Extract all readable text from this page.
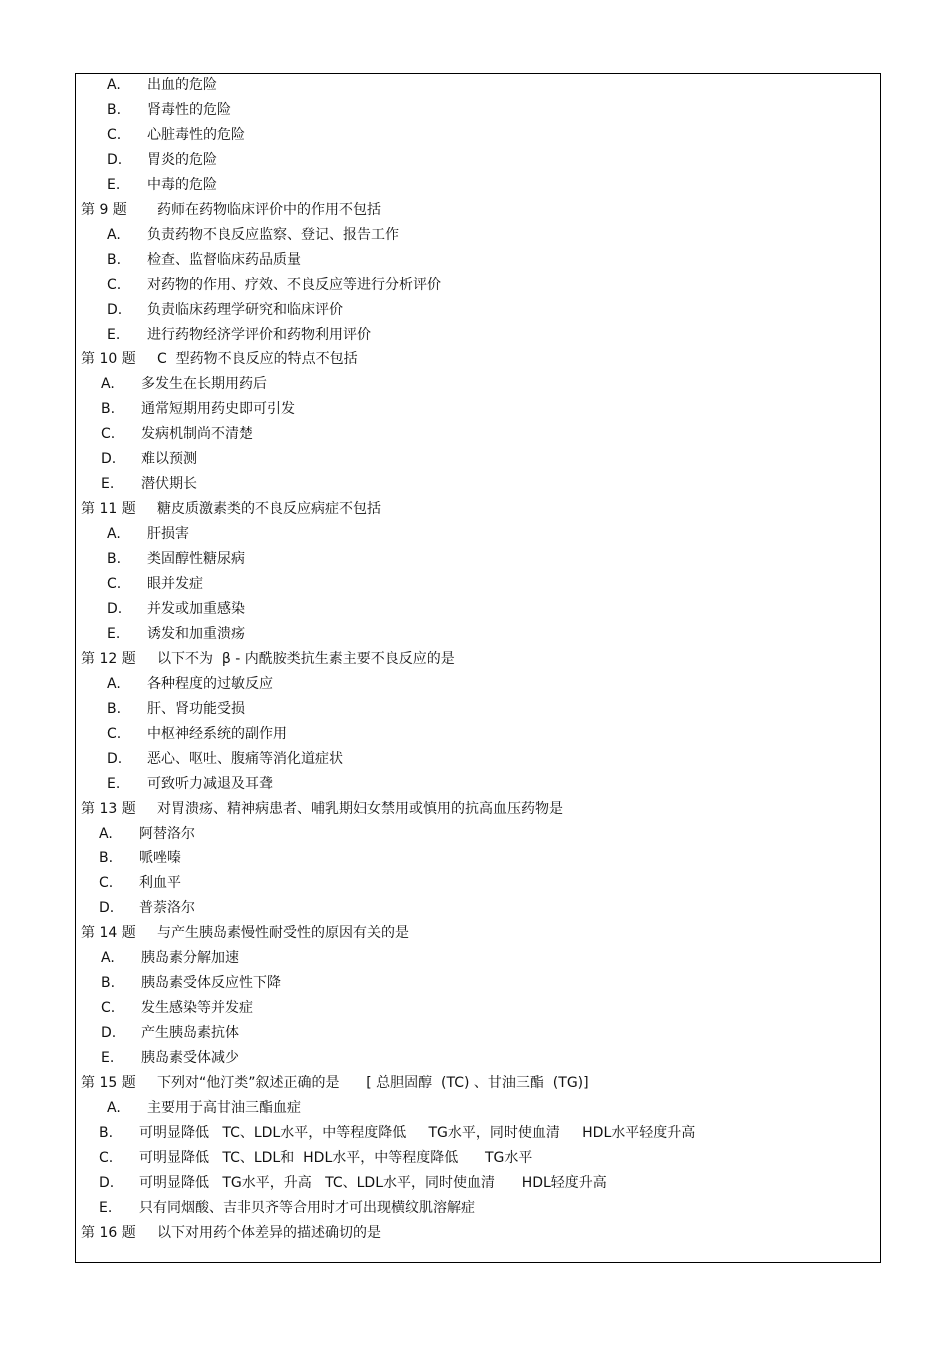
A. 出血的危险
B. 肾毒性的危险
C. 心脏毒性的危险
D. 胃炎的危险
E. 中毒的危险
第 9 题 药师在药物临床评价中的作用不包括
A. 负责药物不良反应监察、登记、报告工作
B. 检查、监督临床药品质量
C. 对药物的作用、疗效、不良反应等进行分析评价
D. 负责临床药理学研究和临床评价
E. 进行药物经济学评价和药物利用评价
第 10 题 C  型药物不良反应的特点不包括
A. 多发生在长期用药后
B. 通常短期用药史即可引发
C. 发病机制尚不清楚
D. 难以预测
E. 潜伏期长
第 11 题 糖皮质激素类的不良反应病症不包括
A. 肝损害
B. 类固醇性糖尿病
C. 眼并发症
D. 并发或加重感染
E. 诱发和加重溃疡
第 12 题 以下不为  β - 内酰胺类抗生素主要不良反应的是
A. 各种程度的过敏反应
B. 肝、肾功能受损
C. 中枢神经系统的副作用
D. 恶心、呕吐、腹痛等消化道症状
E. 可致听力减退及耳聋
第 13 题 对胃溃疡、精神病患者、哺乳期妇女禁用或慎用的抗高血压药物是
A. 阿替洛尔
B. 哌唑嗪
C. 利血平
D. 普萘洛尔
第 14 题 与产生胰岛素慢性耐受性的原因有关的是
A. 胰岛素分解加速
B. 胰岛素受体反应性下降
C. 发生感染等并发症
D. 产生胰岛素抗体
E. 胰岛素受体减少
第 15 题 下列对“他汀类”叙述正确的是      [ 总胆固醇  (TC) 、甘油三酯  (TG)]
A. 主要用于高甘油三酯血症
B. 可明显降低   TC、LDL水平，中等程度降低     TG水平，同时使血清     HDL水平轻度升高
C. 可明显降低   TC、LDL和  HDL水平，中等程度降低      TG水平
D. 可明显降低   TG水平，升高   TC、LDL水平，同时使血清      HDL轻度升高
E. 只有同烟酸、吉非贝齐等合用时才可出现横纹肌溶解症
第 16 题 以下对用药个体差异的描述确切的是
